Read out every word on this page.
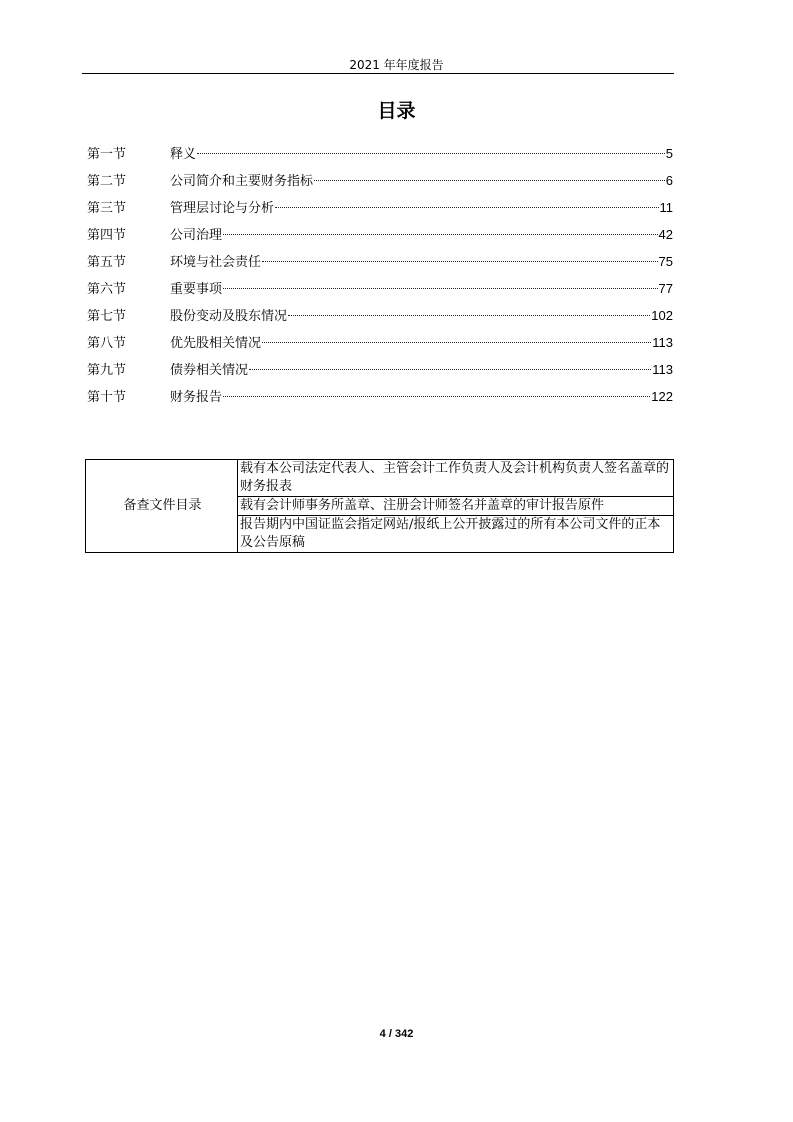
2021 年年度报告
目录
第一节	释义	5
第二节	公司简介和主要财务指标	6
第三节	管理层讨论与分析	11
第四节	公司治理	42
第五节	环境与社会责任	75
第六节	重要事项	77
第七节	股份变动及股东情况	102
第八节	优先股相关情况	113
第九节	债券相关情况	113
第十节	财务报告	122
备查文件目录	载有本公司法定代表人、主管会计工作负责人及会计机构负责人签名盖章的财务报表
载有会计师事务所盖章、注册会计师签名并盖章的审计报告原件
报告期内中国证监会指定网站/报纸上公开披露过的所有本公司文件的正本及公告原稿
4 / 342
